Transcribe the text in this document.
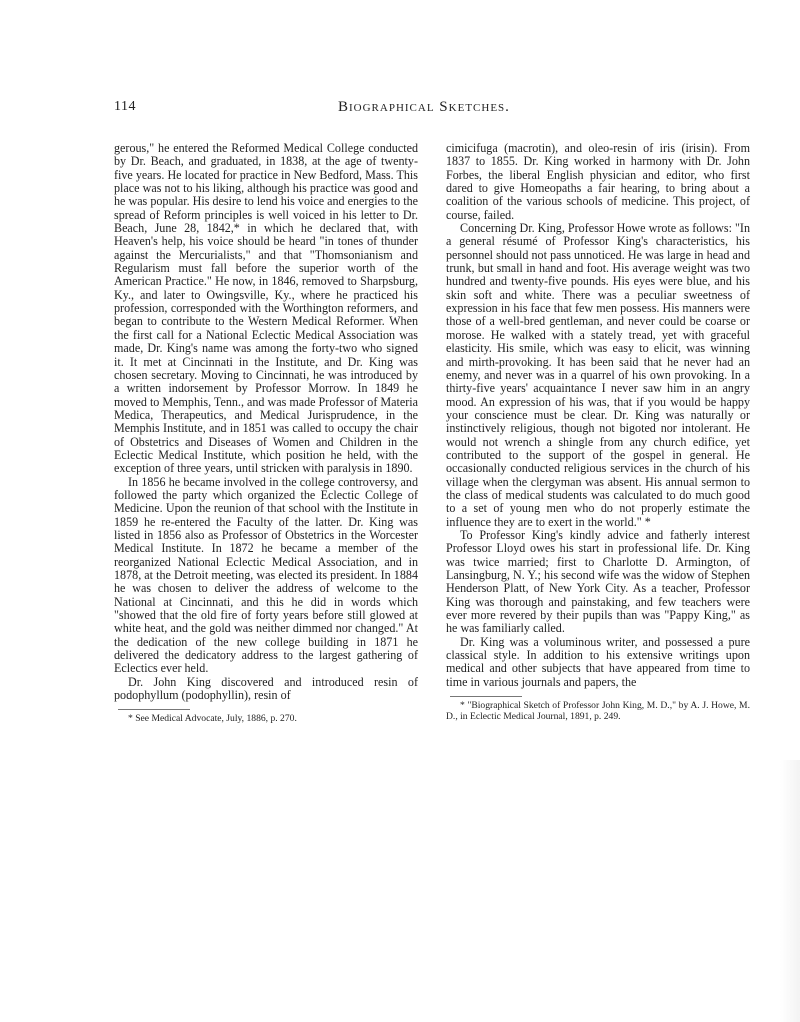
114	Biographical Sketches.

gerous," he entered the Reformed Medical College conducted by Dr. Beach, and graduated, in 1838, at the age of twenty-five years. He located for practice in New Bedford, Mass. This place was not to his liking, although his practice was good and he was popular. His desire to lend his voice and energies to the spread of Reform principles is well voiced in his letter to Dr. Beach, June 28, 1842,* in which he declared that, with Heaven's help, his voice should be heard "in tones of thunder against the Mercurialists," and that "Thomsonianism and Regularism must fall before the superior worth of the American Practice." He now, in 1846, removed to Sharpsburg, Ky., and later to Owingsville, Ky., where he practiced his profession, corresponded with the Worthington reformers, and began to contribute to the Western Medical Reformer. When the first call for a National Eclectic Medical Association was made, Dr. King's name was among the forty-two who signed it. It met at Cincinnati in the Institute, and Dr. King was chosen secretary. Moving to Cincinnati, he was introduced by a written indorsement by Professor Morrow. In 1849 he moved to Memphis, Tenn., and was made Professor of Materia Medica, Therapeutics, and Medical Jurisprudence, in the Memphis Institute, and in 1851 was called to occupy the chair of Obstetrics and Diseases of Women and Children in the Eclectic Medical Institute, which position he held, with the exception of three years, until stricken with paralysis in 1890.

In 1856 he became involved in the college controversy, and followed the party which organized the Eclectic College of Medicine. Upon the reunion of that school with the Institute in 1859 he re-entered the Faculty of the latter. Dr. King was listed in 1856 also as Professor of Obstetrics in the Worcester Medical Institute. In 1872 he became a member of the reorganized National Eclectic Medical Association, and in 1878, at the Detroit meeting, was elected its president. In 1884 he was chosen to deliver the address of welcome to the National at Cincinnati, and this he did in words which "showed that the old fire of forty years before still glowed at white heat, and the gold was neither dimmed nor changed." At the dedication of the new college building in 1871 he delivered the dedicatory address to the largest gathering of Eclectics ever held.

Dr. John King discovered and introduced resin of podophyllum (podophyllin), resin of

* See Medical Advocate, July, 1886, p. 270.

cimicifuga (macrotin), and oleo-resin of iris (irisin). From 1837 to 1855. Dr. King worked in harmony with Dr. John Forbes, the liberal English physician and editor, who first dared to give Homeopaths a fair hearing, to bring about a coalition of the various schools of medicine. This project, of course, failed.

Concerning Dr. King, Professor Howe wrote as follows: "In a general résumé of Professor King's characteristics, his personnel should not pass unnoticed. He was large in head and trunk, but small in hand and foot. His average weight was two hundred and twenty-five pounds. His eyes were blue, and his skin soft and white. There was a peculiar sweetness of expression in his face that few men possess. His manners were those of a well-bred gentleman, and never could be coarse or morose. He walked with a stately tread, yet with graceful elasticity. His smile, which was easy to elicit, was winning and mirth-provoking. It has been said that he never had an enemy, and never was in a quarrel of his own provoking. In a thirty-five years' acquaintance I never saw him in an angry mood. An expression of his was, that if you would be happy your conscience must be clear. Dr. King was naturally or instinctively religious, though not bigoted nor intolerant. He would not wrench a shingle from any church edifice, yet contributed to the support of the gospel in general. He occasionally conducted religious services in the church of his village when the clergyman was absent. His annual sermon to the class of medical students was calculated to do much good to a set of young men who do not properly estimate the influence they are to exert in the world." *

To Professor King's kindly advice and fatherly interest Professor Lloyd owes his start in professional life. Dr. King was twice married; first to Charlotte D. Armington, of Lansingburg, N. Y.; his second wife was the widow of Stephen Henderson Platt, of New York City. As a teacher, Professor King was thorough and painstaking, and few teachers were ever more revered by their pupils than was "Pappy King," as he was familiarly called.

Dr. King was a voluminous writer, and possessed a pure classical style. In addition to his extensive writings upon medical and other subjects that have appeared from time to time in various journals and papers, the

* "Biographical Sketch of Professor John King, M. D.," by A. J. Howe, M. D., in Eclectic Medical Journal, 1891, p. 249.
